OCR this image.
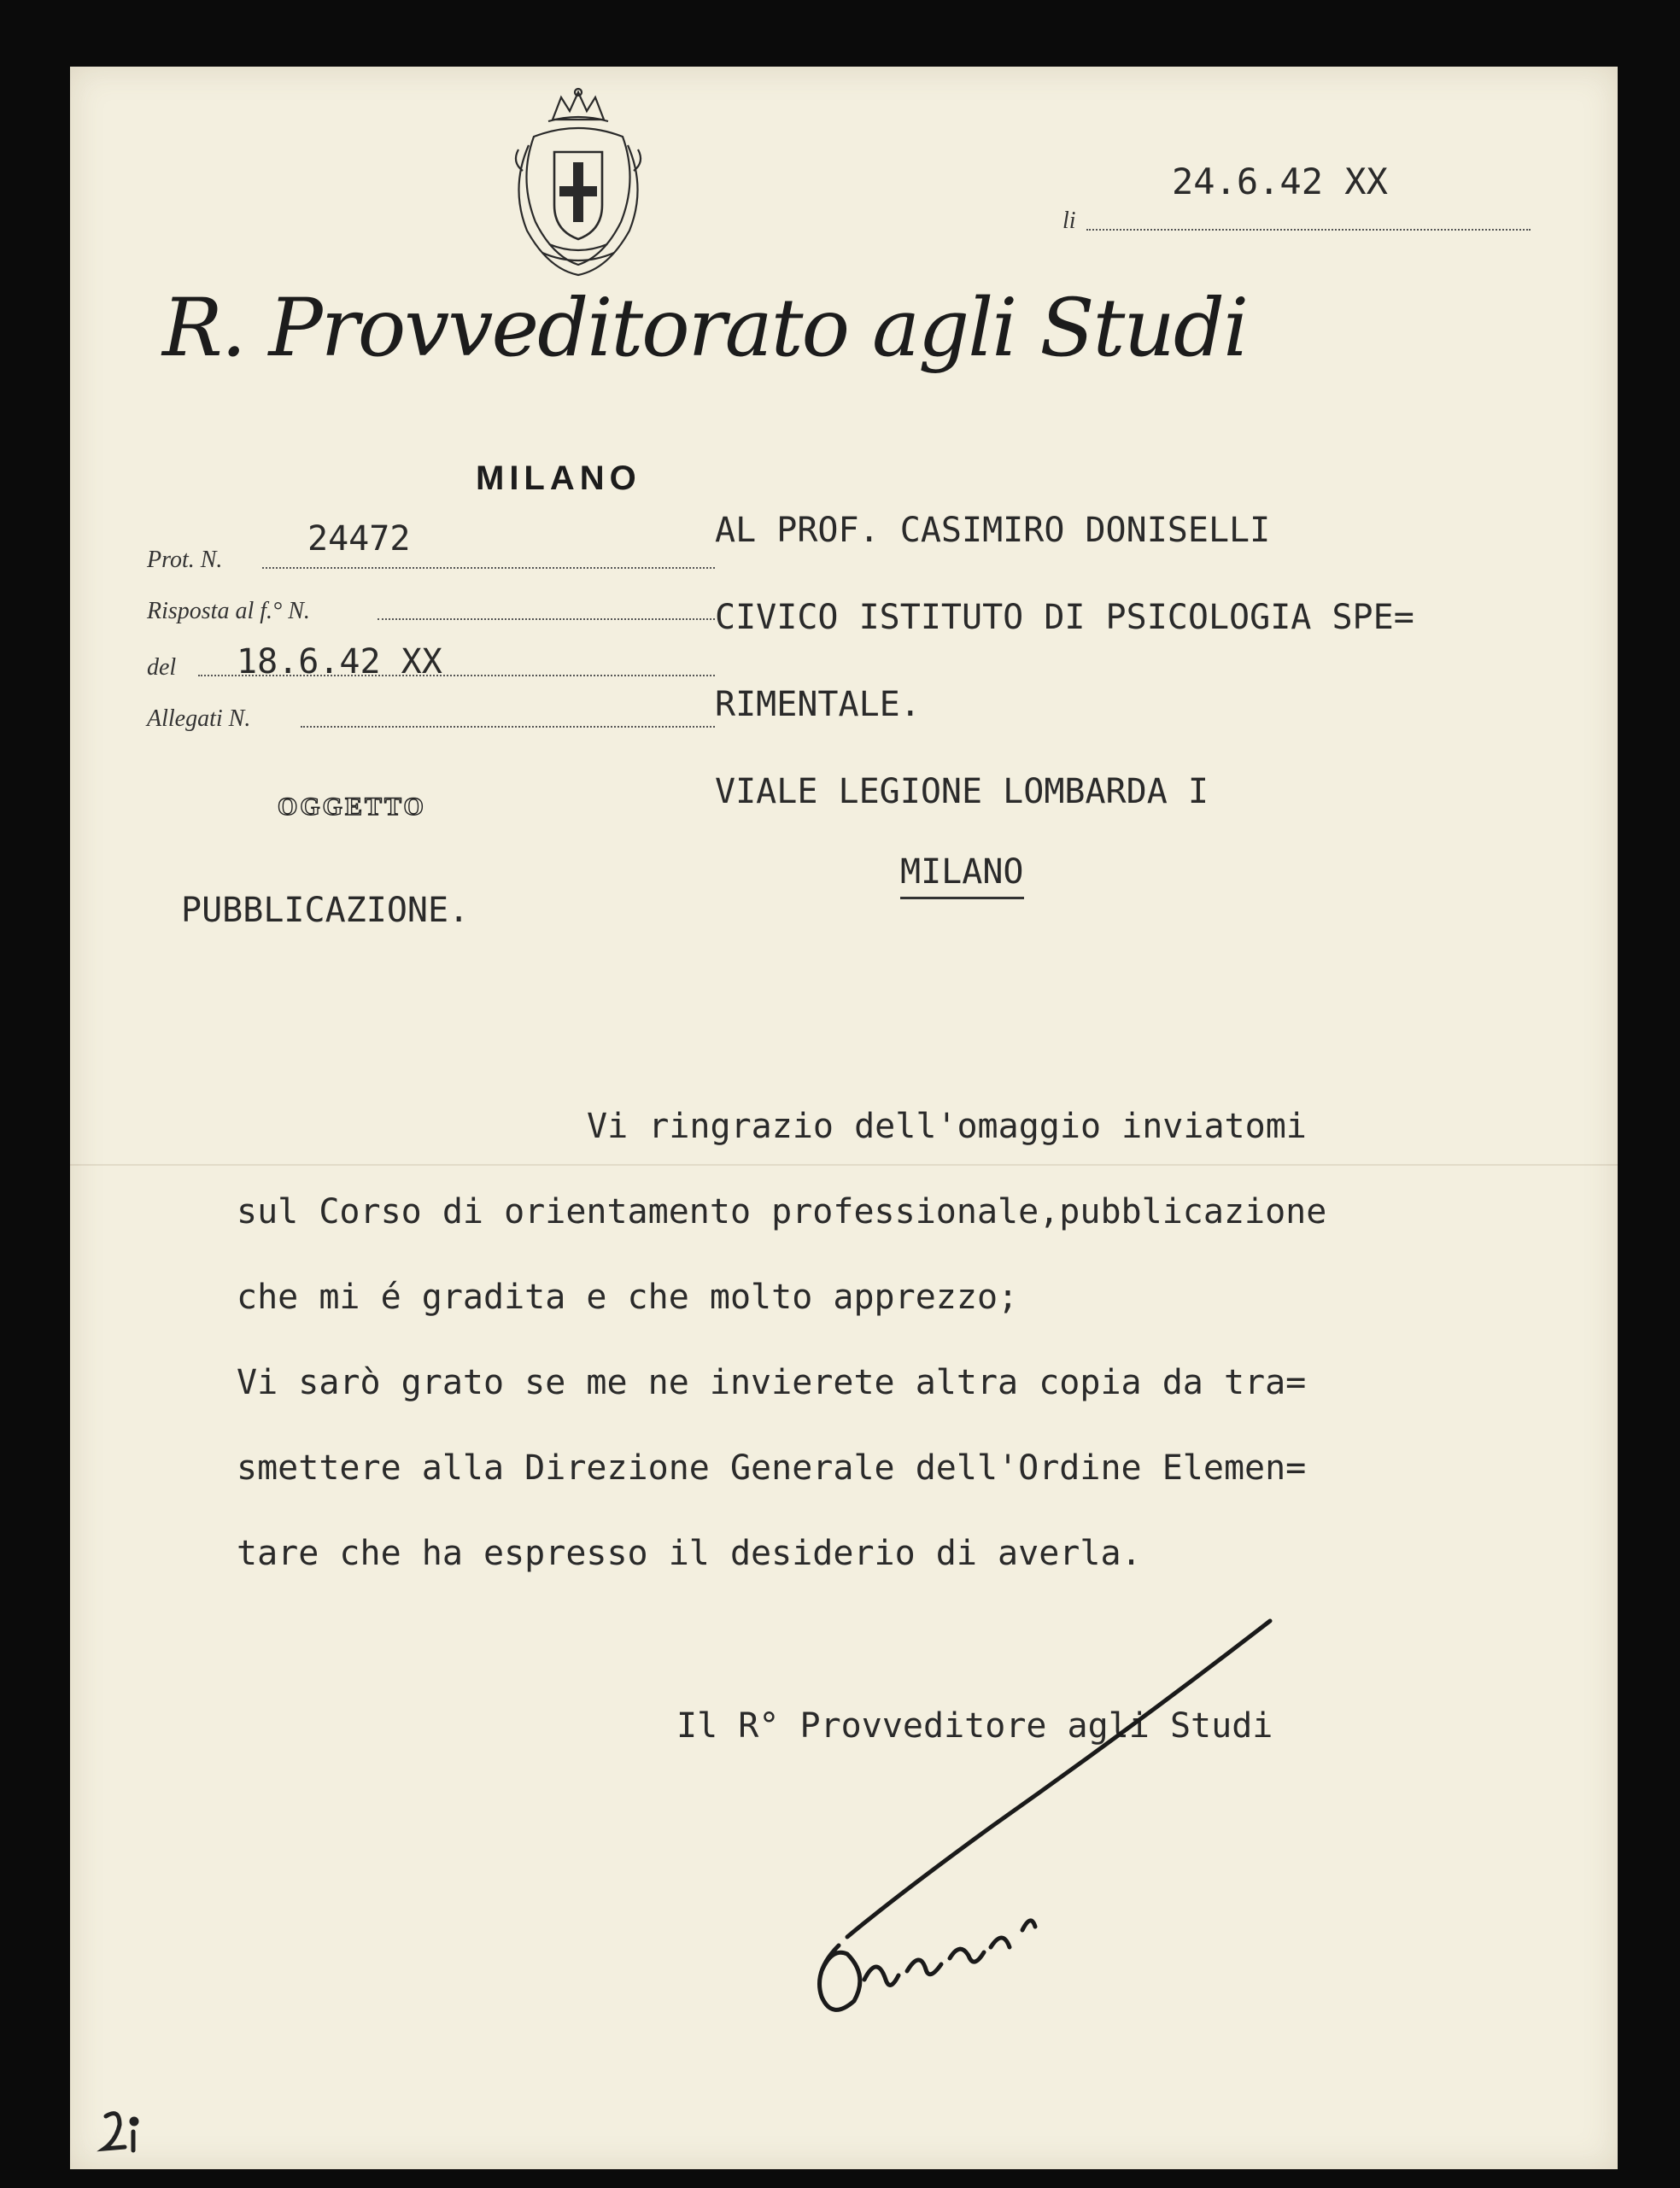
R. Provveditorato agli Studi
MILANO
li
24.6.42 XX
Prot. N.
24472
Risposta al f.° N.
del 18.6.42 XX
Allegati N.
OGGETTO
PUBBLICAZIONE.
AL PROF. CASIMIRO DONISELLI
CIVICO ISTITUTO DI PSICOLOGIA SPE=
RIMENTALE.
VIALE LEGIONE LOMBARDA I
MILANO
Vi ringrazio dell'omaggio inviatomi
sul Corso di orientamento professionale,pubblicazione
che mi é gradita e che molto apprezzo;
Vi sarò grato se me ne invierete altra copia da tra=
smettere alla Direzione Generale dell'Ordine Elemen=
tare che ha espresso il desiderio di averla.
Il R° Provveditore agli Studi
